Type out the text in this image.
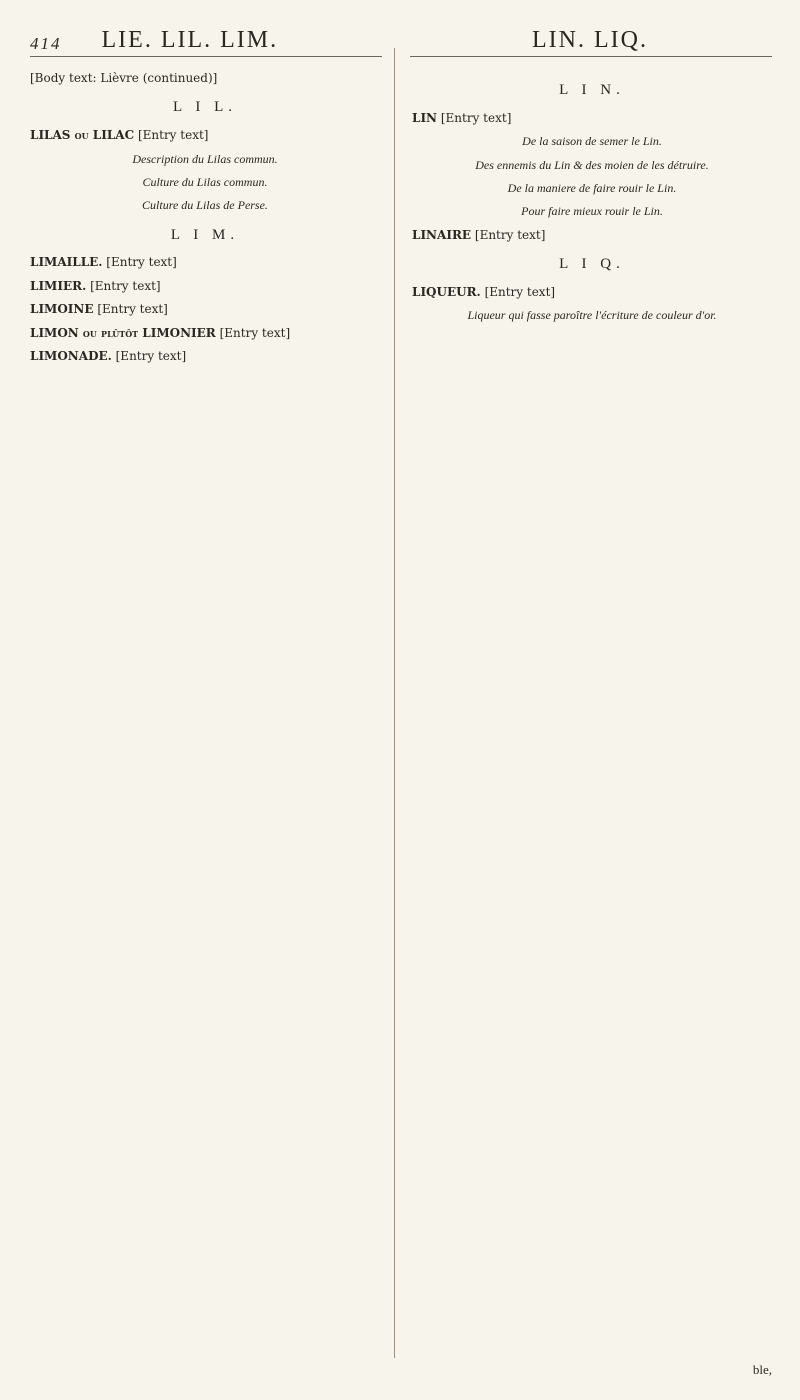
414 LIE. LIL. LIM.	LIN. LIQ.

[Body text: Lièvre (continued)]

L I L.

LILAS ou LILAC [Entry text]

Description du Lilas commun.
Culture du Lilas commun.
Culture du Lilas de Perse.
L I M.

LIMAILLE. [Entry text]

LIMIER. [Entry text]

LIMOINE [Entry text]

LIMON ou plûtôt LIMONIER [Entry text]

LIMONADE. [Entry text]

L I N.

LIN [Entry text]

De la saison de semer le Lin.
Des ennemis du Lin & des moien de les détruire.
De la maniere de faire rouir le Lin.
Pour faire mieux rouir le Lin.

LINAIRE [Entry text]

L I Q.

LIQUEUR. [Entry text]

Liqueur qui fasse paroître l'écriture de couleur d'or.
ble,
